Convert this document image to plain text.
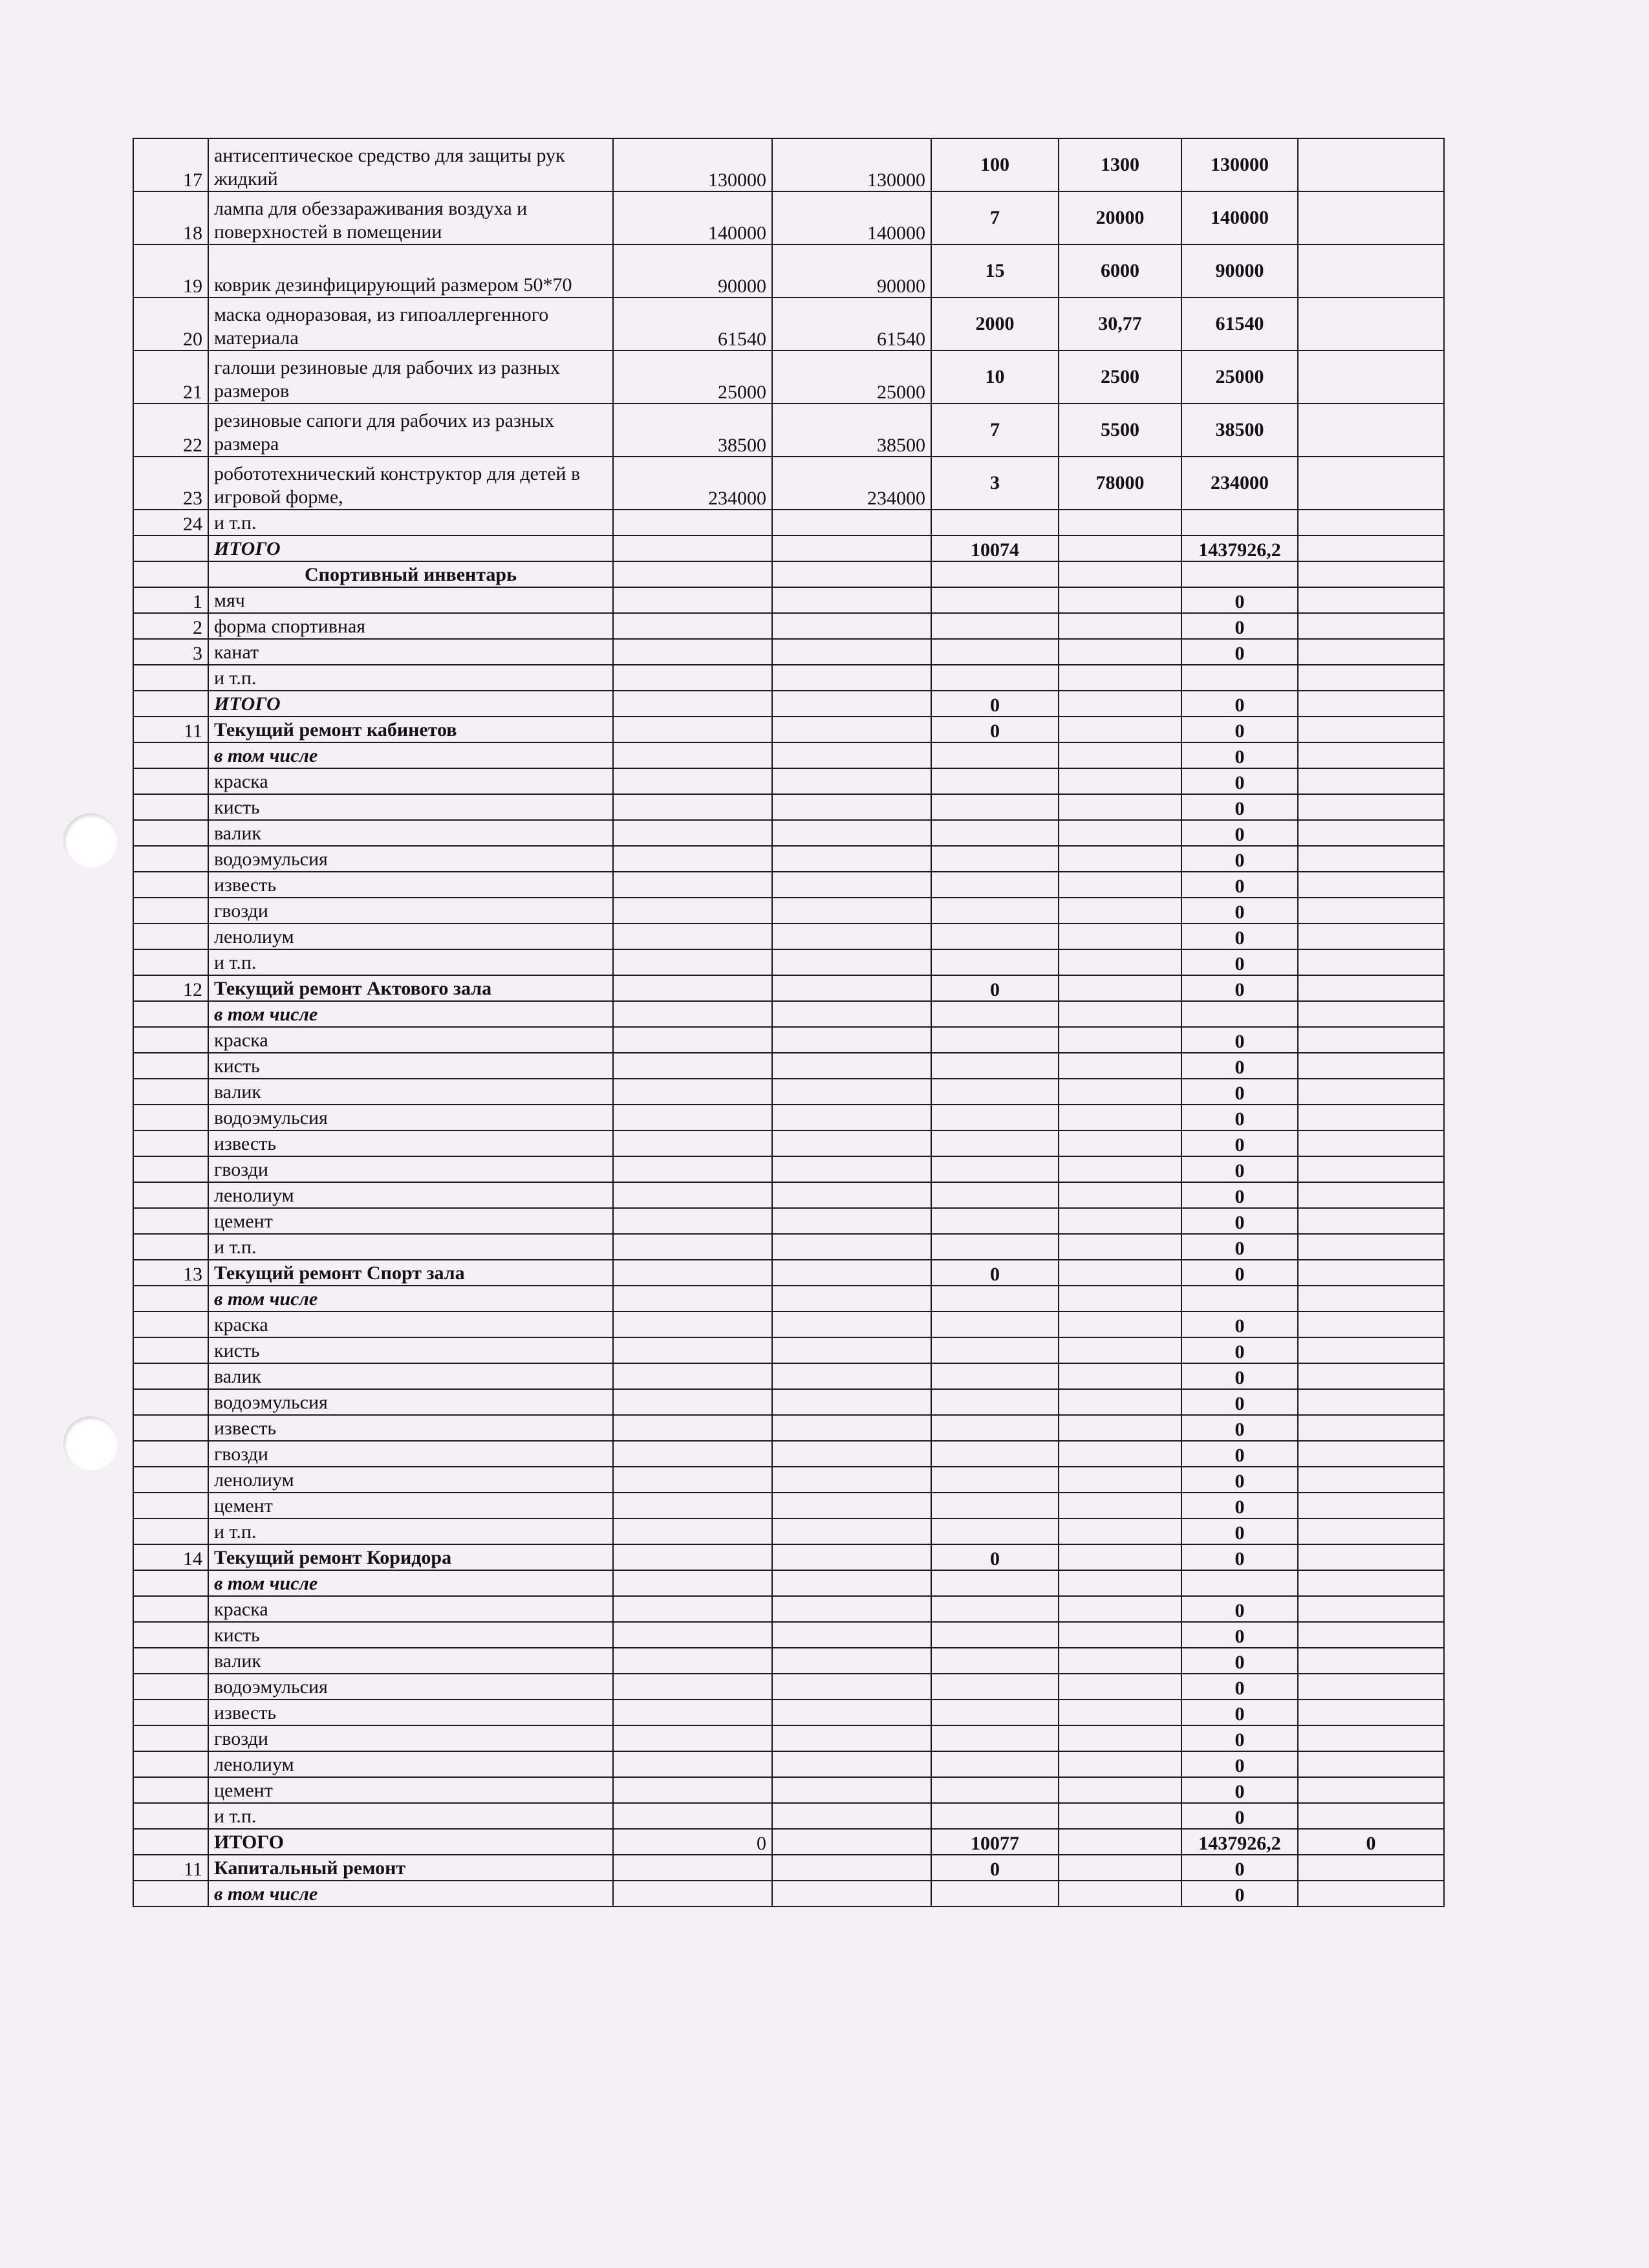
17	антисептическое средство для защиты рук жидкий	130000	130000	100	1300	130000	
18	лампа для обеззараживания воздуха и поверхностей в помещении	140000	140000	7	20000	140000	
19	коврик дезинфицирующий размером 50*70	90000	90000	15	6000	90000	
20	маска одноразовая, из гипоаллергенного материала	61540	61540	2000	30,77	61540	
21	галоши резиновые для рабочих из разных размеров	25000	25000	10	2500	25000	
22	резиновые сапоги для рабочих из разных размера	38500	38500	7	5500	38500	
23	робототехнический конструктор для детей в игровой форме,	234000	234000	3	78000	234000	
24	и т.п.						
	ИТОГО			10074		1437926,2	
	Спортивный инвентарь						
1	мяч					0	
2	форма спортивная					0	
3	канат					0	
	и т.п.						
	ИТОГО			0		0	
11	Текущий ремонт кабинетов			0		0	
	в том числе					0	
	краска					0	
	кисть					0	
	валик					0	
	водоэмульсия					0	
	известь					0	
	гвозди					0	
	ленолиум					0	
	и т.п.					0	
12	Текущий ремонт Актового зала			0		0	
	в том числе						
	краска					0	
	кисть					0	
	валик					0	
	водоэмульсия					0	
	известь					0	
	гвозди					0	
	ленолиум					0	
	цемент					0	
	и т.п.					0	
13	Текущий ремонт Спорт зала			0		0	
	в том числе						
	краска					0	
	кисть					0	
	валик					0	
	водоэмульсия					0	
	известь					0	
	гвозди					0	
	ленолиум					0	
	цемент					0	
	и т.п.					0	
14	Текущий ремонт Коридора			0		0	
	в том числе						
	краска					0	
	кисть					0	
	валик					0	
	водоэмульсия					0	
	известь					0	
	гвозди					0	
	ленолиум					0	
	цемент					0	
	и т.п.					0	
	ИТОГО	0		10077		1437926,2	0
11	Капитальный ремонт			0		0	
	в том числе					0	
